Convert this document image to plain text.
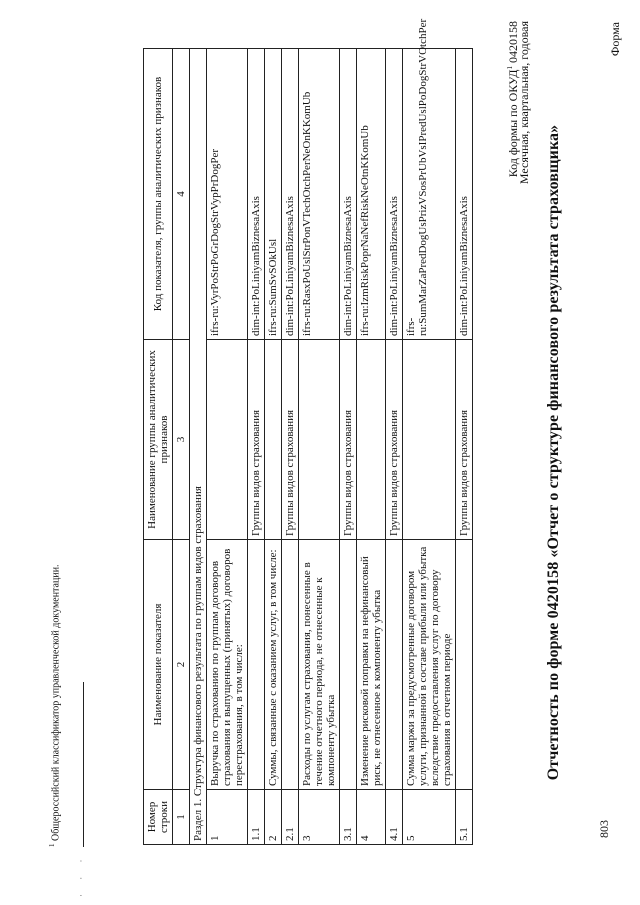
803
Форма
Отчетность по форме 0420158 «Отчет о структуре финансового результата страховщика»
Код формы по ОКУД$^1$ 0420158
Месячная, квартальная, годовая
Номер строки	Наименование показателя	Наименование группы аналитических признаков	Код показателя, группы аналитических признаков
1	2	3	4
Раздел 1. Структура финансового результата по группам видов страхования			
1	Выручка по страхованию по группам договоров страхования и выпущенных (принятых) договоров перестрахования, в том числе:		ifrs-ru:VyrPoStrPoGrDogStrVypPrDogPer
1.1		Группы видов страхования	dim-int:PoLiniyamBiznesaAxis
2	Суммы, связанные с оказанием услуг, в том числе:		ifrs-ru:SumSvSOkUsl
2.1		Группы видов страхования	dim-int:PoLiniyamBiznesaAxis
3	Расходы по услугам страхования, понесенные в течение отчетного периода, не отнесенные к компоненту убытка		ifrs-ru:RasxPoUslStrPonVTechOtchPerNeOnKKomUb
3.1		Группы видов страхования	dim-int:PoLiniyamBiznesaAxis
4	Изменение рисковой поправки на нефинансовый риск, не отнесенное к компоненту убытка		ifrs-ru:IzmRiskPoprNaNefRiskNeOtnKKomUb
4.1		Группы видов страхования	dim-int:PoLiniyamBiznesaAxis
5	Сумма маржи за предусмотренные договором услуги, признанной в составе прибыли или убытка вследствие предоставления услуг по договору страхования в отчетном периоде		ifrs-ru:SumMarZaPredDogUsPrizVSosPrUbVsIPredUslPoDogStrVOtchPer
5.1		Группы видов страхования	dim-int:PoLiniyamBiznesaAxis
$^1$ Общероссийский классификатор управленческой документации.
· · ·
